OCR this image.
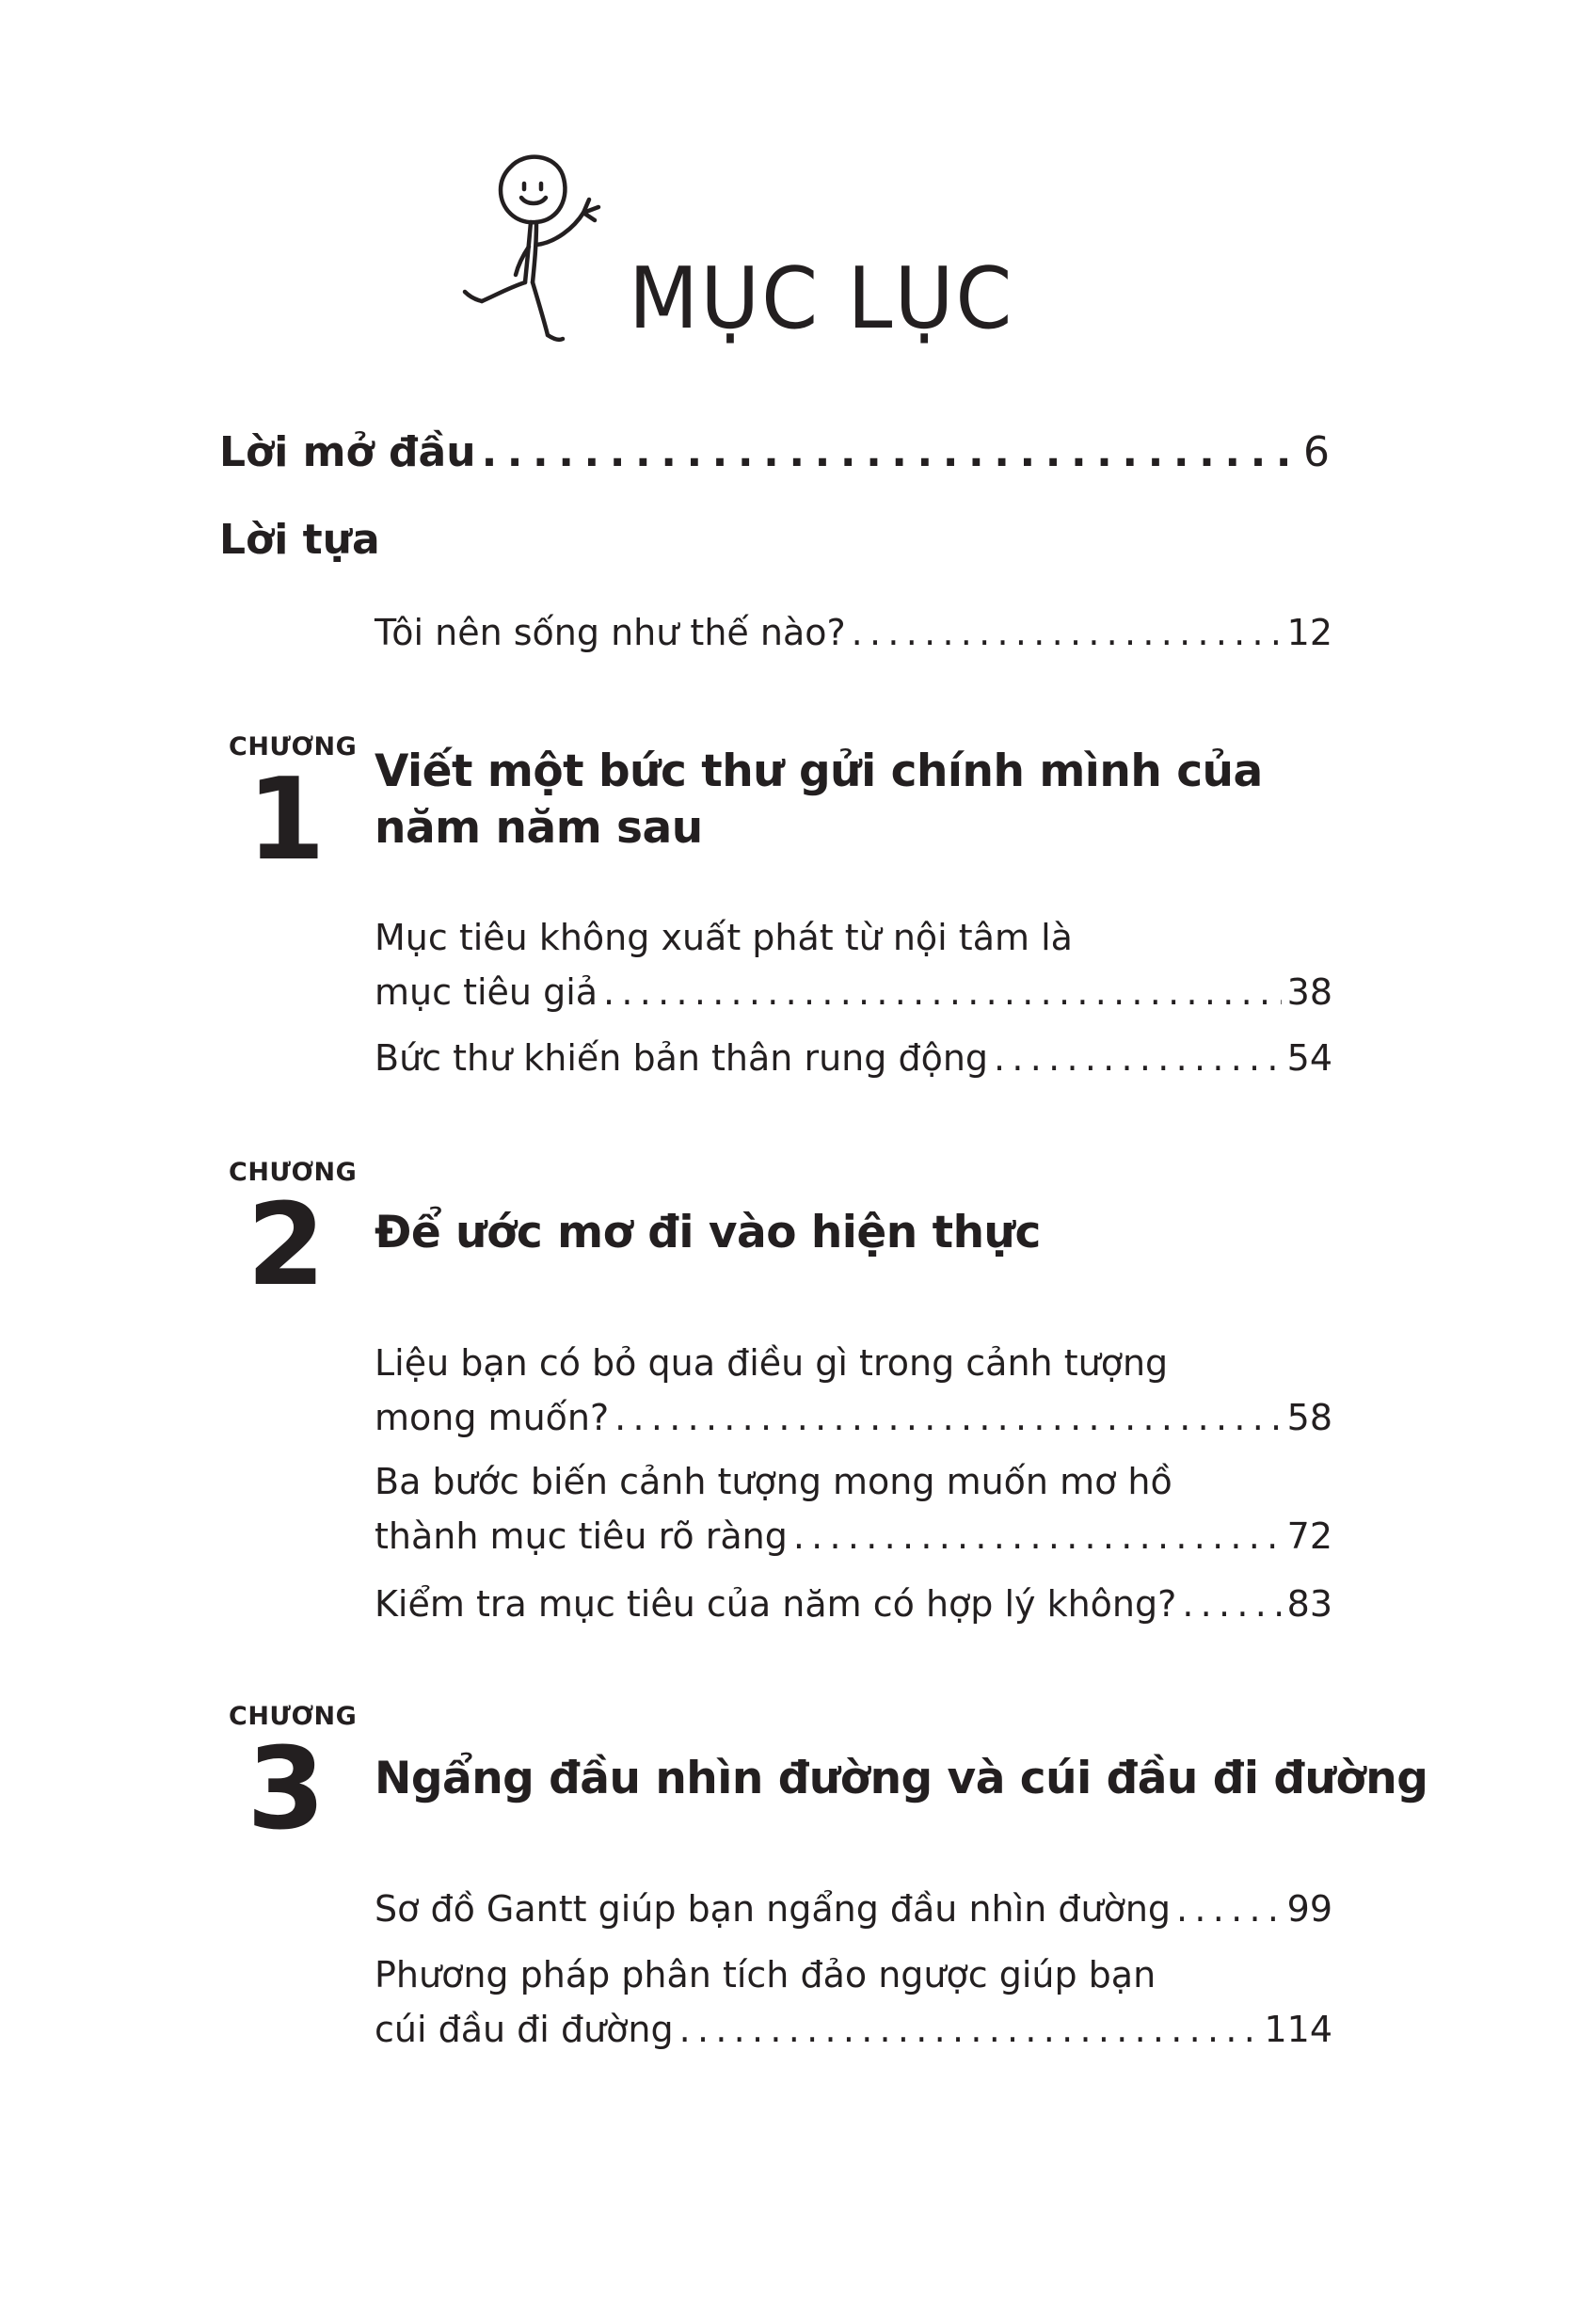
MỤC LỤC
Lời mở đầu . . .	6
Lời tựa
Tôi nên sống như thế nào? . . .	12
CHƯƠNG
1	Viết một bức thư gửi chính mình của
năm năm sau
Mục tiêu không xuất phát từ nội tâm là
mục tiêu giả . . .	38
Bức thư khiến bản thân rung động . . .	54
CHƯƠNG
2	Để ước mơ đi vào hiện thực
Liệu bạn có bỏ qua điều gì trong cảnh tượng
mong muốn? . . .	58
Ba bước biến cảnh tượng mong muốn mơ hồ
thành mục tiêu rõ ràng . . .	72
Kiểm tra mục tiêu của năm có hợp lý không? . . .	83
CHƯƠNG
3	Ngẩng đầu nhìn đường và cúi đầu đi đường
Sơ đồ Gantt giúp bạn ngẩng đầu nhìn đường . . .	99
Phương pháp phân tích đảo ngược giúp bạn
cúi đầu đi đường . . .	114
